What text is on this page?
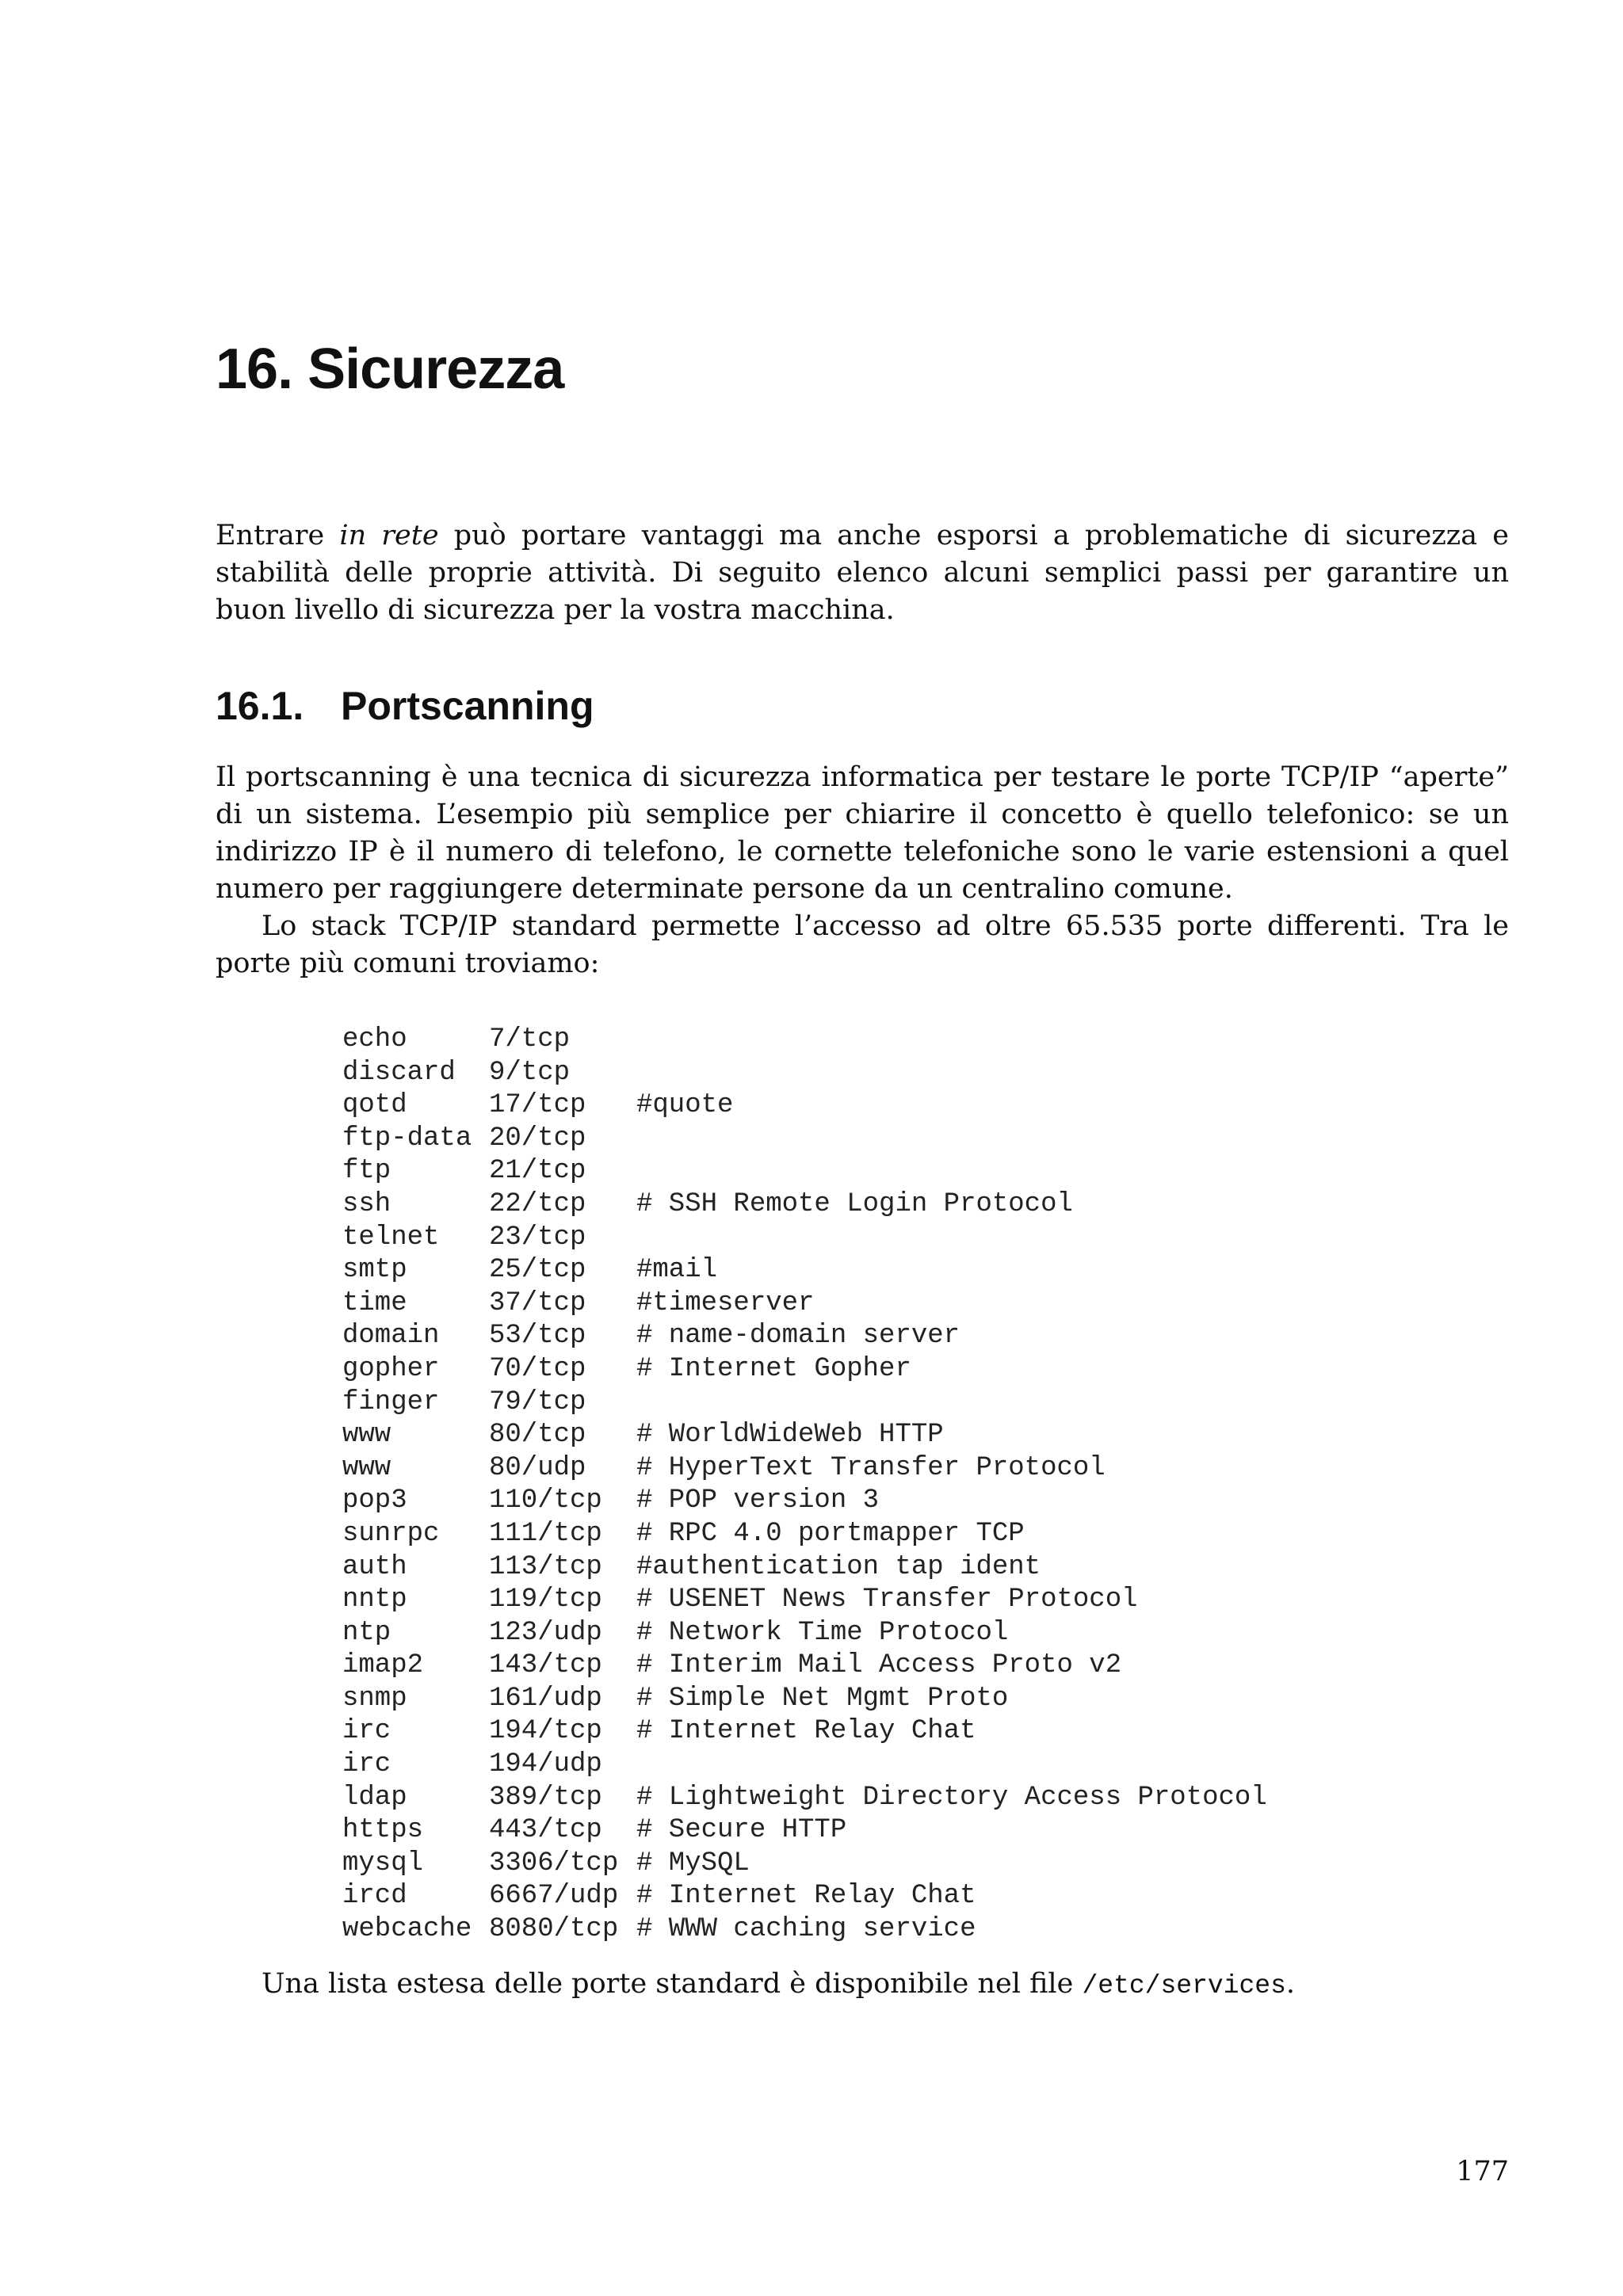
16. Sicurezza

Entrare in rete può portare vantaggi ma anche esporsi a problematiche di sicurezza e stabilità delle proprie attività. Di seguito elenco alcuni semplici passi per garantire un buon livello di sicurezza per la vostra macchina.

16.1. Portscanning

Il portscanning è una tecnica di sicurezza informatica per testare le porte TCP/IP “aperte” di un sistema. L’esempio più semplice per chiarire il concetto è quello telefonico: se un indirizzo IP è il numero di telefono, le cornette telefoniche sono le varie estensioni a quel numero per raggiungere determinate persone da un centralino comune.

Lo stack TCP/IP standard permette l’accesso ad oltre 65.535 porte differenti. Tra le porte più comuni troviamo:

echo	7/tcp
discard 9/tcp
qotd	17/tcp #quote
ftp-data 20/tcp
ftp	21/tcp
ssh	22/tcp # SSH Remote Login Protocol
telnet 23/tcp
smtp	25/tcp #mail
time	37/tcp #timeserver
domain 53/tcp # name-domain server
gopher 70/tcp # Internet Gopher
finger 79/tcp
www	80/tcp # WorldWideWeb HTTP
www	80/udp # HyperText Transfer Protocol
pop3	110/tcp # POP version 3
sunrpc 111/tcp # RPC 4.0 portmapper TCP
auth	113/tcp #authentication tap ident
nntp	119/tcp # USENET News Transfer Protocol
ntp	123/udp # Network Time Protocol
imap2 143/tcp # Interim Mail Access Proto v2
snmp	161/udp # Simple Net Mgmt Proto
irc	194/tcp # Internet Relay Chat
irc	194/udp
ldap	389/tcp # Lightweight Directory Access Protocol
https 443/tcp # Secure HTTP
mysql 3306/tcp # MySQL
ircd	6667/udp # Internet Relay Chat
webcache 8080/tcp # WWW caching service

Una lista estesa delle porte standard è disponibile nel file /etc/services.

177
